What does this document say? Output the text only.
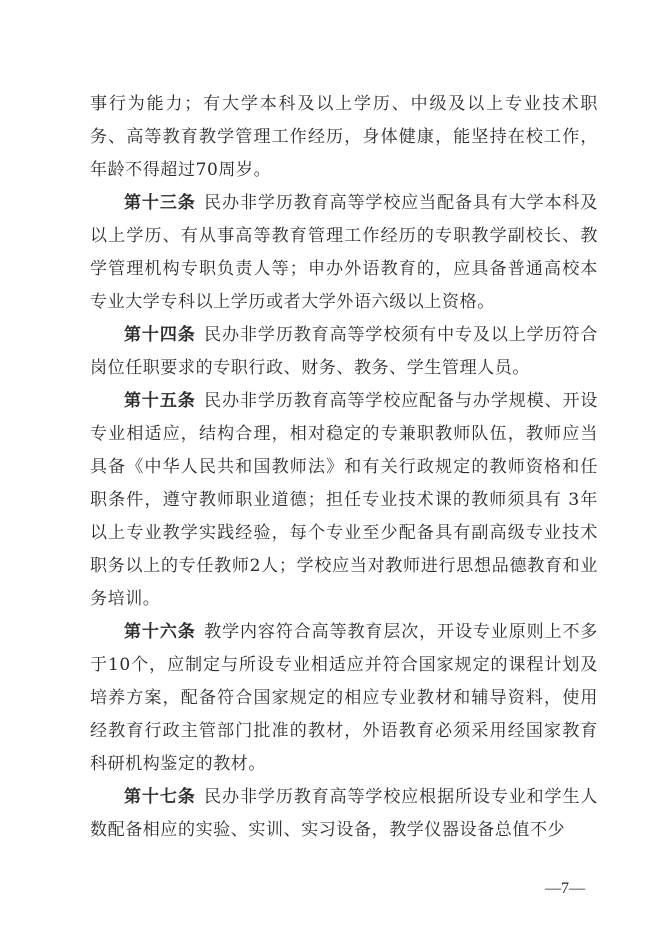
事行为能力；有大学本科及以上学历、中级及以上专业技术职务、高等教育教学管理工作经历，身体健康，能坚持在校工作，年龄不得超过70周岁。

第十三条 民办非学历教育高等学校应当配备具有大学本科及以上学历、有从事高等教育管理工作经历的专职教学副校长、教学管理机构专职负责人等；申办外语教育的，应具备普通高校本专业大学专科以上学历或者大学外语六级以上资格。

第十四条 民办非学历教育高等学校须有中专及以上学历符合岗位任职要求的专职行政、财务、教务、学生管理人员。

第十五条 民办非学历教育高等学校应配备与办学规模、开设专业相适应，结构合理，相对稳定的专兼职教师队伍，教师应当具备《中华人民共和国教师法》和有关行政规定的教师资格和任职条件，遵守教师职业道德；担任专业技术课的教师须具有 3年以上专业教学实践经验，每个专业至少配备具有副高级专业技术职务以上的专任教师2人；学校应当对教师进行思想品德教育和业务培训。

第十六条 教学内容符合高等教育层次，开设专业原则上不多于10个，应制定与所设专业相适应并符合国家规定的课程计划及培养方案，配备符合国家规定的相应专业教材和辅导资料，使用经教育行政主管部门批准的教材，外语教育必须采用经国家教育科研机构鉴定的教材。

第十七条 民办非学历教育高等学校应根据所设专业和学生人数配备相应的实验、实训、实习设备，教学仪器设备总值不少

—7—
